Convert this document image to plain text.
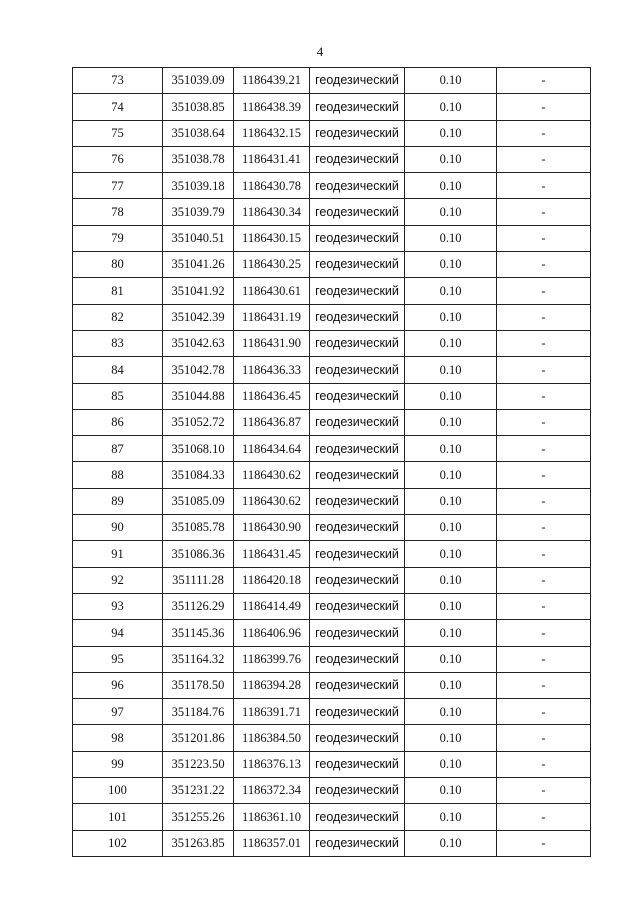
4
73	351039.09	1186439.21	геодезический	0.10	-
74	351038.85	1186438.39	геодезический	0.10	-
75	351038.64	1186432.15	геодезический	0.10	-
76	351038.78	1186431.41	геодезический	0.10	-
77	351039.18	1186430.78	геодезический	0.10	-
78	351039.79	1186430.34	геодезический	0.10	-
79	351040.51	1186430.15	геодезический	0.10	-
80	351041.26	1186430.25	геодезический	0.10	-
81	351041.92	1186430.61	геодезический	0.10	-
82	351042.39	1186431.19	геодезический	0.10	-
83	351042.63	1186431.90	геодезический	0.10	-
84	351042.78	1186436.33	геодезический	0.10	-
85	351044.88	1186436.45	геодезический	0.10	-
86	351052.72	1186436.87	геодезический	0.10	-
87	351068.10	1186434.64	геодезический	0.10	-
88	351084.33	1186430.62	геодезический	0.10	-
89	351085.09	1186430.62	геодезический	0.10	-
90	351085.78	1186430.90	геодезический	0.10	-
91	351086.36	1186431.45	геодезический	0.10	-
92	351111.28	1186420.18	геодезический	0.10	-
93	351126.29	1186414.49	геодезический	0.10	-
94	351145.36	1186406.96	геодезический	0.10	-
95	351164.32	1186399.76	геодезический	0.10	-
96	351178.50	1186394.28	геодезический	0.10	-
97	351184.76	1186391.71	геодезический	0.10	-
98	351201.86	1186384.50	геодезический	0.10	-
99	351223.50	1186376.13	геодезический	0.10	-
100	351231.22	1186372.34	геодезический	0.10	-
101	351255.26	1186361.10	геодезический	0.10	-
102	351263.85	1186357.01	геодезический	0.10	-
